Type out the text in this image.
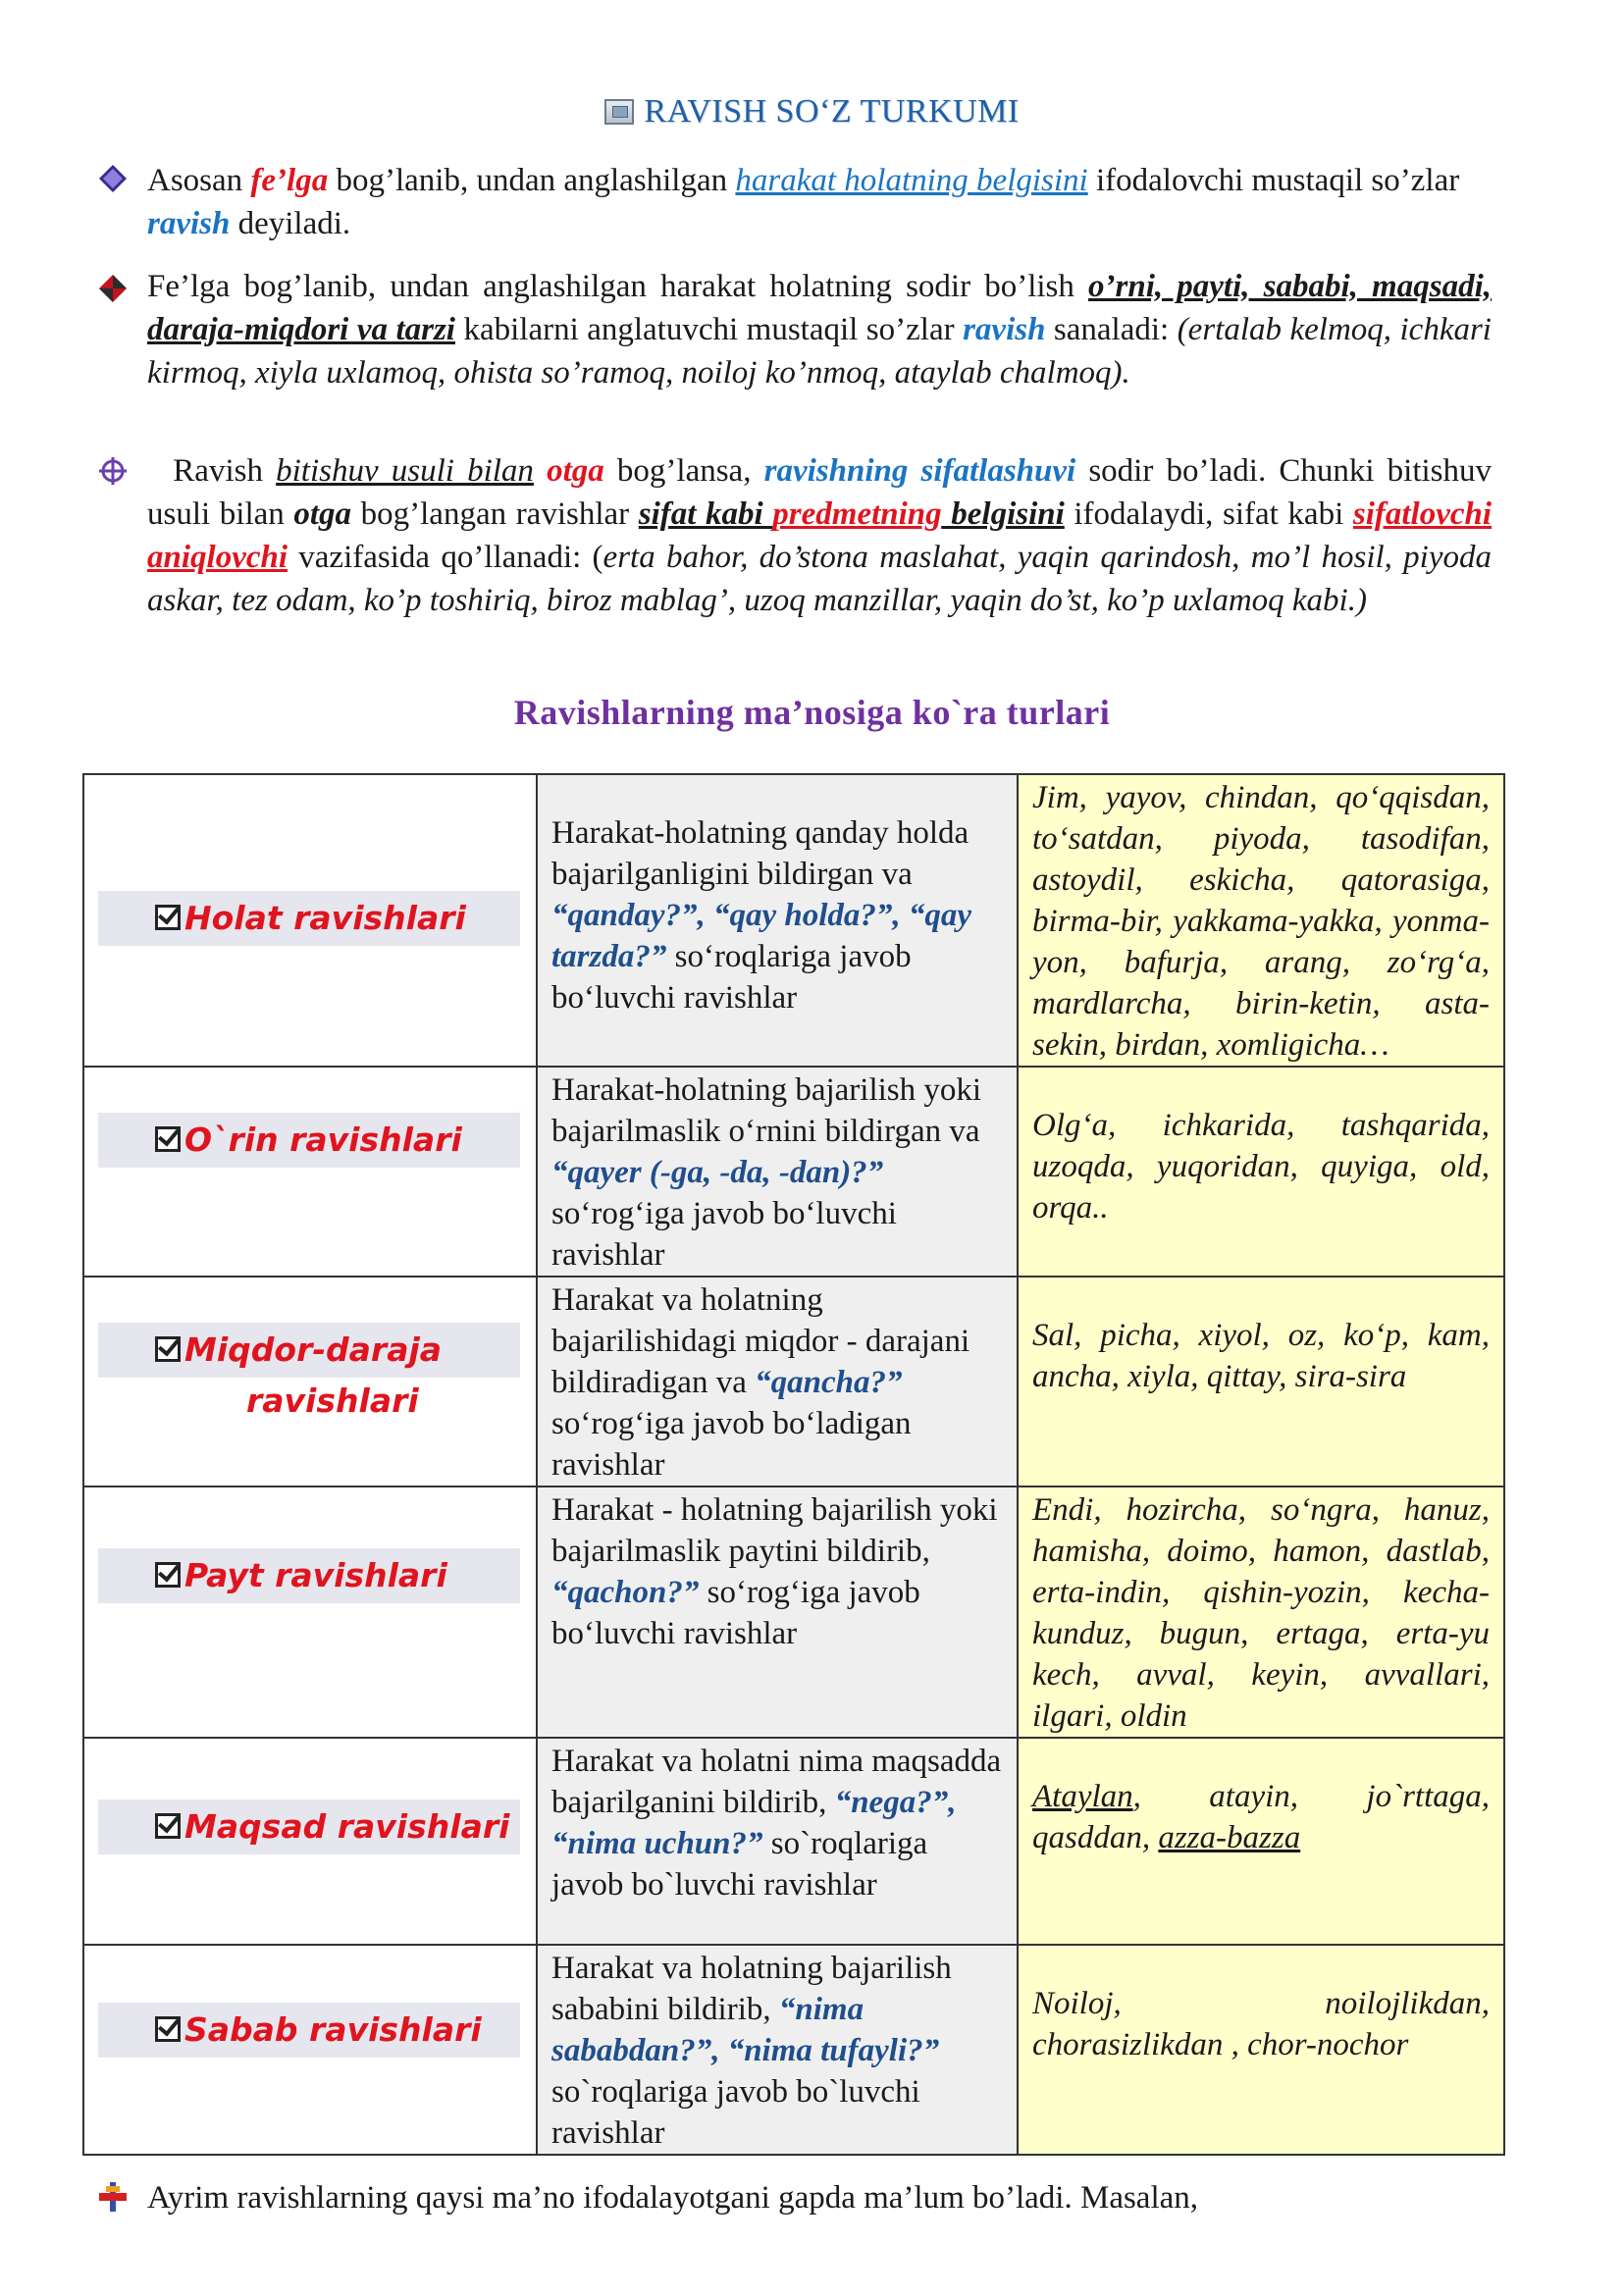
RAVISH SO‘Z TURKUMI

Asosan fe’lga bog’lanib, undan anglashilgan harakat holatning belgisini ifodalovchi mustaqil so’zlar ravish deyiladi.

Fe’lga bog’lanib, undan anglashilgan harakat holatning sodir bo’lish o’rni, payti, sababi, maqsadi, daraja-miqdori va tarzi kabilarni anglatuvchi mustaqil so’zlar ravish sanaladi: (ertalab kelmoq, ichkari kirmoq, xiyla uxlamoq, ohista so’ramoq, noiloj ko’nmoq, ataylab chalmoq).

Ravish bitishuv usuli bilan otga bog’lansa, ravishning sifatlashuvi sodir bo’ladi. Chunki bitishuv usuli bilan otga bog’langan ravishlar sifat kabi predmetning belgisini ifodalaydi, sifat kabi sifatlovchi aniqlovchi vazifasida qo’llanadi: (erta bahor, do’stona maslahat, yaqin qarindosh, mo’l hosil, piyoda askar, tez odam, ko’p toshiriq, biroz mablag’, uzoq manzillar, yaqin do’st, ko’p uxlamoq kabi.)

Ravishlarning ma’nosiga ko`ra turlari
Holat ravishlari	Harakat-holatning qanday holda bajarilganligini bildirgan va “qanday?”, “qay holda?”, “qay tarzda?” so‘roqlariga javob bo‘luvchi ravishlar	Jim, yayov, chindan, qo‘qqisdan, to‘satdan, piyoda, tasodifan, astoydil, eskicha, qatorasiga, birma-bir, yakkama-yakka, yonma-yon, bafurja, arang, zo‘rg‘a, mardlarcha, birin-ketin, asta-sekin, birdan, xomligicha…

O`rin ravishlari	Harakat-holatning bajarilish yoki bajarilmaslik o‘rnini bildirgan va “qayer (-ga, -da, -dan)?” so‘rog‘iga javob bo‘luvchi ravishlar	Olg‘a, ichkarida, tashqarida, uzoqda, yuqoridan, quyiga, old, orqa..

Miqdor-daraja
ravishlari	Harakat va holatning bajarilishidagi miqdor - darajani bildiradigan va “qancha?” so‘rog‘iga javob bo‘ladigan ravishlar	Sal, picha, xiyol, oz, ko‘p, kam, ancha, xiyla, qittay, sira-sira

Payt ravishlari	Harakat - holatning bajarilish yoki bajarilmaslik paytini bildirib, “qachon?” so‘rog‘iga javob bo‘luvchi ravishlar	Endi, hozircha, so‘ngra, hanuz, hamisha, doimo, hamon, dastlab, erta-indin, qishin-yozin, kecha-kunduz, bugun, ertaga, erta-yu kech, avval, keyin, avvallari, ilgari, oldin

Maqsad ravishlari	Harakat va holatni nima maqsadda bajarilganini bildirib, “nega?”, “nima uchun?” so`roqlariga javob bo`luvchi ravishlar	Ataylan, atayin, jo`rttaga, qasddan, azza-bazza

Sabab ravishlari	Harakat va holatning bajarilish sababini bildirib, “nima sababdan?”, “nima tufayli?” so`roqlariga javob bo`luvchi ravishlar	Noiloj, noilojlikdan, chorasizlikdan , chor-nochor
Ayrim ravishlarning qaysi ma’no ifodalayotgani gapda ma’lum bo’ladi. Masalan,
